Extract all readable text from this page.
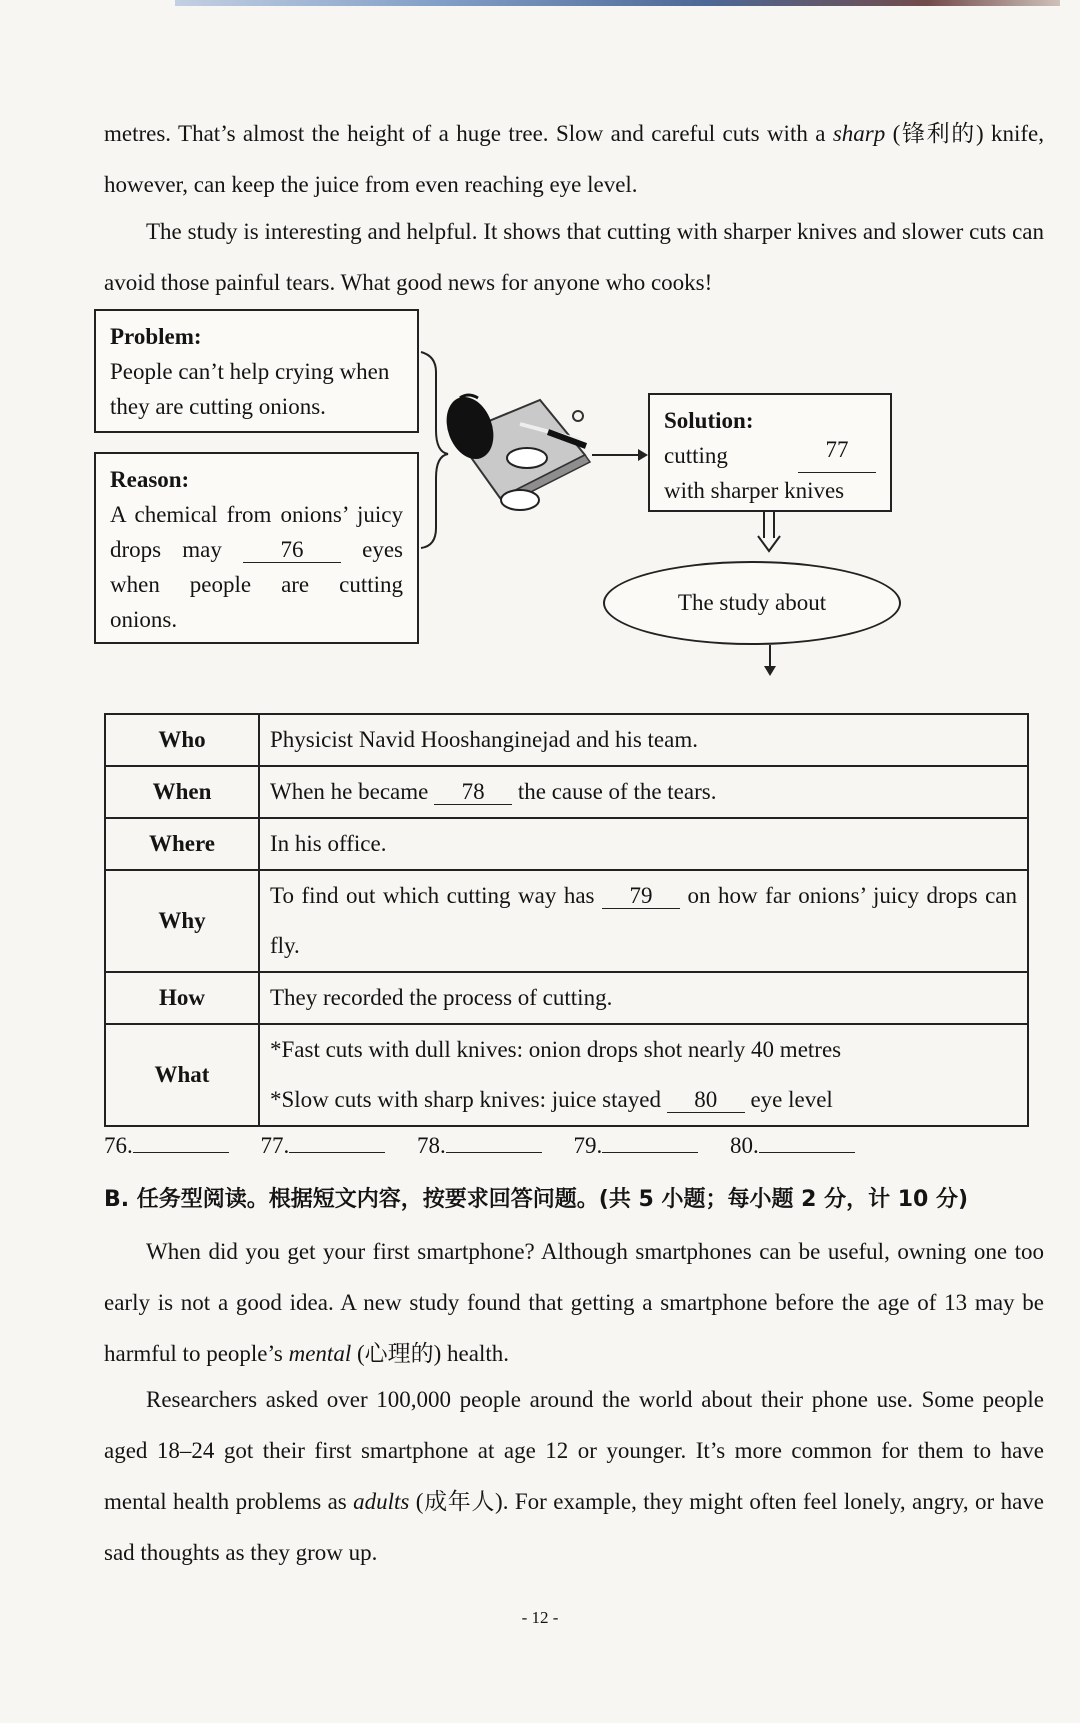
metres. That’s almost the height of a huge tree. Slow and careful cuts with a sharp (锋利的) knife, however, can keep the juice from even reaching eye level.

The study is interesting and helpful. It shows that cutting with sharper knives and slower cuts can avoid those painful tears. What good news for anyone who cooks!

Problem:
People can’t help crying when they are cutting onions.
Reason:
A chemical from onions’ juicy drops may	76	eyes when people are cutting onions.
Solution:
cutting	77
with sharper knives
The study about
Who	Physicist Navid Hooshanginejad and his team.
When	When he became 78 the cause of the tears.
Where	In his office.
Why	To find out which cutting way has 79 on how far onions’ juicy drops can fly.

How	They recorded the process of cutting.
What	*Fast cuts with dull knives: onion drops shot nearly 40 metres
*Slow cuts with sharp knives: juice stayed 80 eye level
76.	77.	78.	79.	80.
B. 任务型阅读。根据短文内容，按要求回答问题。(共 5 小题；每小题 2 分，计 10 分)

When did you get your first smartphone? Although smartphones can be useful, owning one too early is not a good idea. A new study found that getting a smartphone before the age of 13 may be harmful to people’s mental (心理的) health.

Researchers asked over 100,000 people around the world about their phone use. Some people aged 18–24 got their first smartphone at age 12 or younger. It’s more common for them to have mental health problems as adults (成年人). For example, they might often feel lonely, angry, or have sad thoughts as they grow up.

- 12 -
